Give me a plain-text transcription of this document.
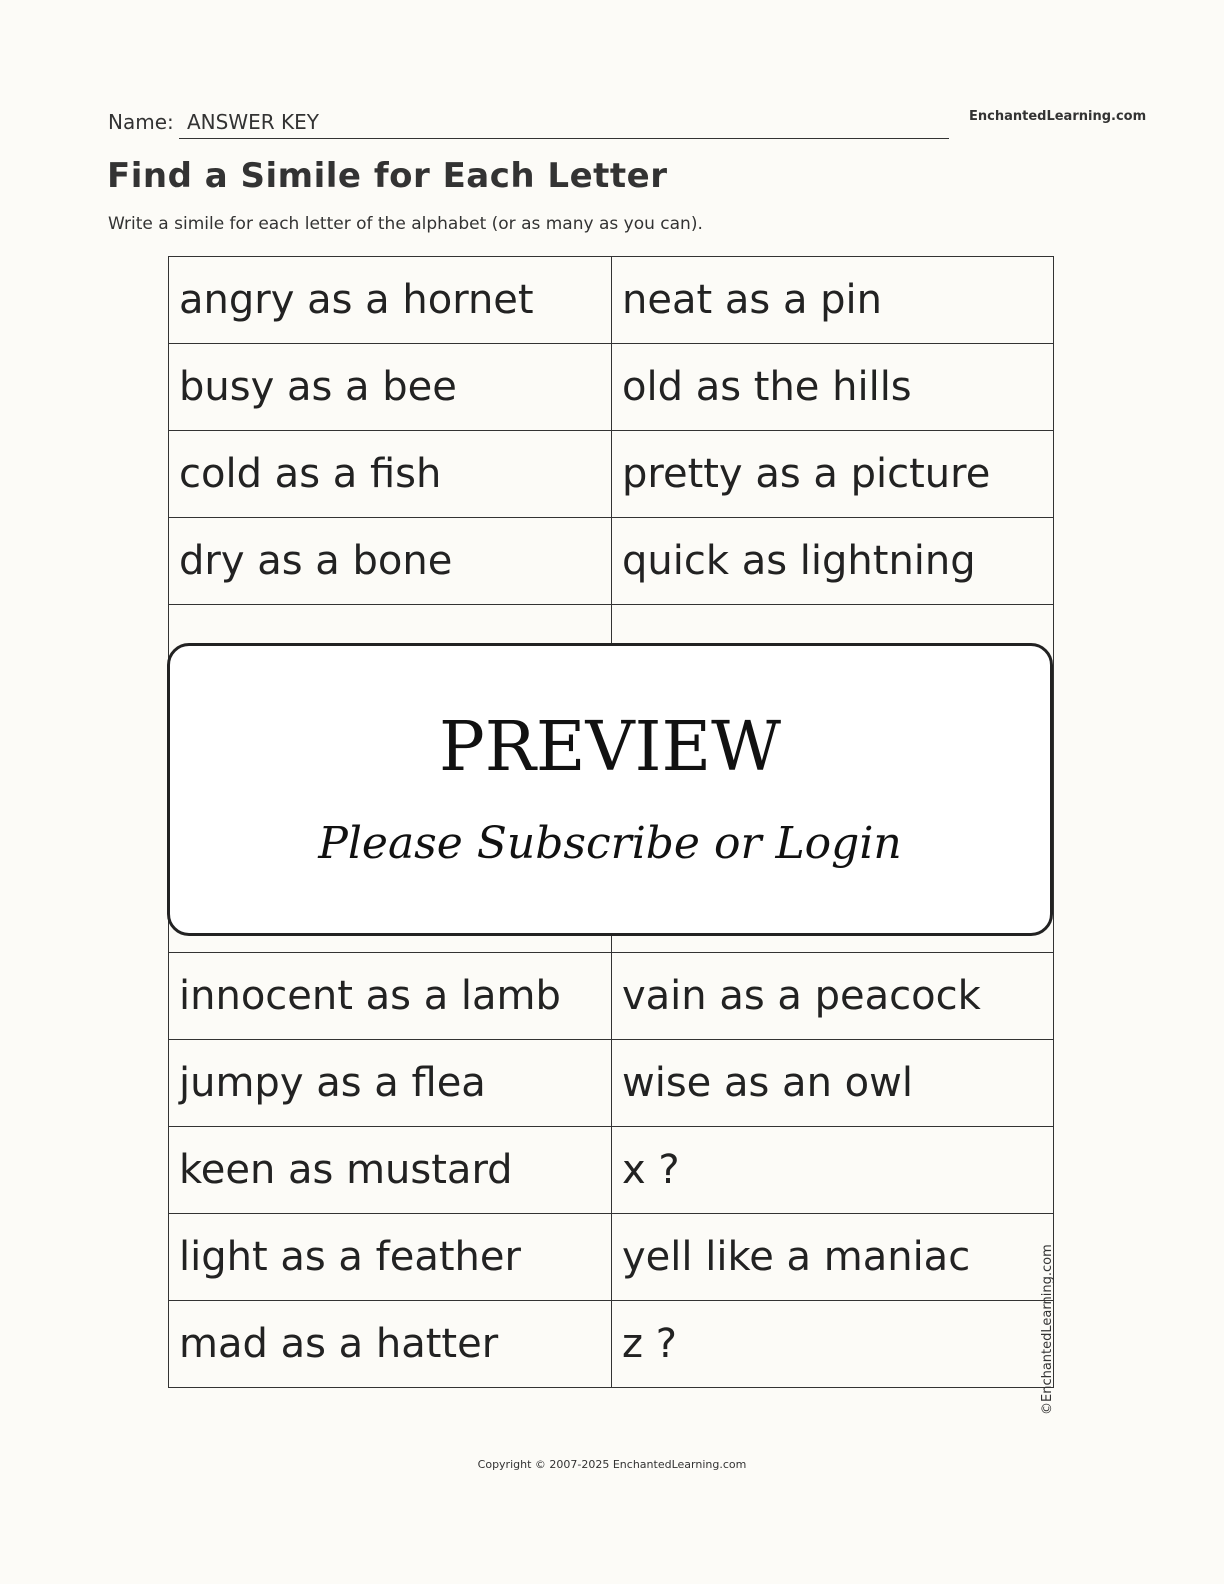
Name: ANSWER KEY	EnchantedLearning.com
Find a Simile for Each Letter
Write a simile for each letter of the alphabet (or as many as you can).
angry as a hornet	neat as a pin
busy as a bee	old as the hills
cold as a fish	pretty as a picture
dry as a bone	quick as lightning

innocent as a lamb	vain as a peacock
jumpy as a flea	wise as an owl
keen as mustard	x ?
light as a feather	yell like a maniac
mad as a hatter	z ?	©EnchantedLearning.com
PREVIEW
Please Subscribe or Login
Copyright © 2007-2025 EnchantedLearning.com
